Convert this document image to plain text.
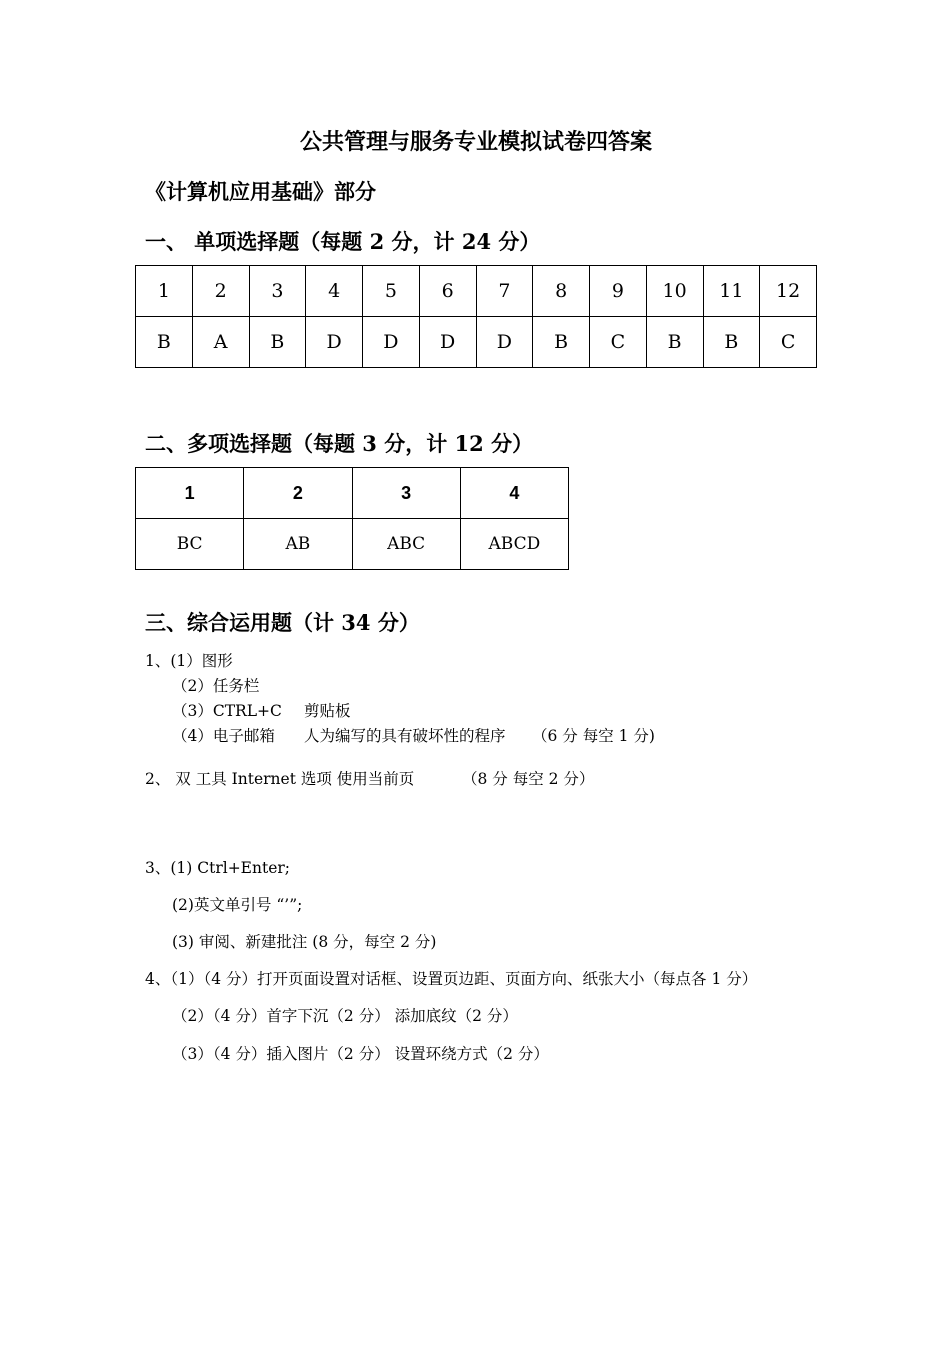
公共管理与服务专业模拟试卷四答案
《计算机应用基础》部分
一、 单项选择题（每题 2 分，计 24 分）
1	2	3	4	5	6	7	8	9	10	11	12
B	A	B	D	D	D	D	B	C	B	B	C
二、多项选择题（每题 3 分，计 12 分）
1	2	3	4
BC	AB	ABC	ABCD
三、综合运用题（计 34 分）
1、(1）图形
（2）任务栏
（3）CTRL+C 剪贴板
（4）电子邮箱 人为编写的具有破坏性的程序 （6 分 每空 1 分)
2、 双 工具 Internet 选项 使用当前页	（8 分 每空 2 分）
3、(1) Ctrl+Enter;
(2)英文单引号 “’”;
(3) 审阅、新建批注 (8 分，每空 2 分)
4、（1）（4 分）打开页面设置对话框、设置页边距、页面方向、纸张大小（每点各 1 分）
（2）（4 分）首字下沉（2 分） 添加底纹（2 分）
（3）（4 分）插入图片（2 分） 设置环绕方式（2 分）
